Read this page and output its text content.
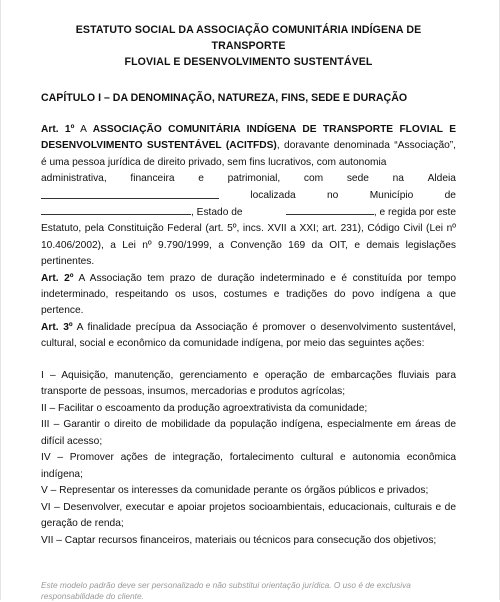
ESTATUTO SOCIAL DA ASSOCIAÇÃO COMUNITÁRIA INDÍGENA DE TRANSPORTE
FLOVIAL E DESENVOLVIMENTO SUSTENTÁVEL
CAPÍTULO I – DA DENOMINAÇÃO, NATUREZA, FINS, SEDE E DURAÇÃO

Art. 1º A ASSOCIAÇÃO COMUNITÁRIA INDÍGENA DE TRANSPORTE FLOVIAL E DESENVOLVIMENTO SUSTENTÁVEL (ACITFDS), doravante denominada “Associação”, é uma pessoa jurídica de direito privado, sem fins lucrativos, com autonomia

administrativa, financeira e patrimonial, com sede na Aldeia
localizada	no	Município	de
, Estado de	, e regida por este

Estatuto, pela Constituição Federal (art. 5º, incs. XVII a XXI; art. 231), Código Civil (Lei nº 10.406/2002), a Lei nº 9.790/1999, a Convenção 169 da OIT, e demais legislações pertinentes.

Art. 2º A Associação tem prazo de duração indeterminado e é constituída por tempo indeterminado, respeitando os usos, costumes e tradições do povo indígena a que pertence.

Art. 3º A finalidade precípua da Associação é promover o desenvolvimento sustentável, cultural, social e econômico da comunidade indígena, por meio das seguintes ações:

I – Aquisição, manutenção, gerenciamento e operação de embarcações fluviais para transporte de pessoas, insumos, mercadorias e produtos agrícolas;
II – Facilitar o escoamento da produção agroextrativista da comunidade;
III – Garantir o direito de mobilidade da população indígena, especialmente em áreas de difícil acesso;
IV – Promover ações de integração, fortalecimento cultural e autonomia econômica indígena;
V – Representar os interesses da comunidade perante os órgãos públicos e privados;
VI – Desenvolver, executar e apoiar projetos socioambientais, educacionais, culturais e de geração de renda;
VII – Captar recursos financeiros, materiais ou técnicos para consecução dos objetivos;
Este modelo padrão deve ser personalizado e não substitui orientação jurídica. O uso é de exclusiva responsabilidade do cliente.
